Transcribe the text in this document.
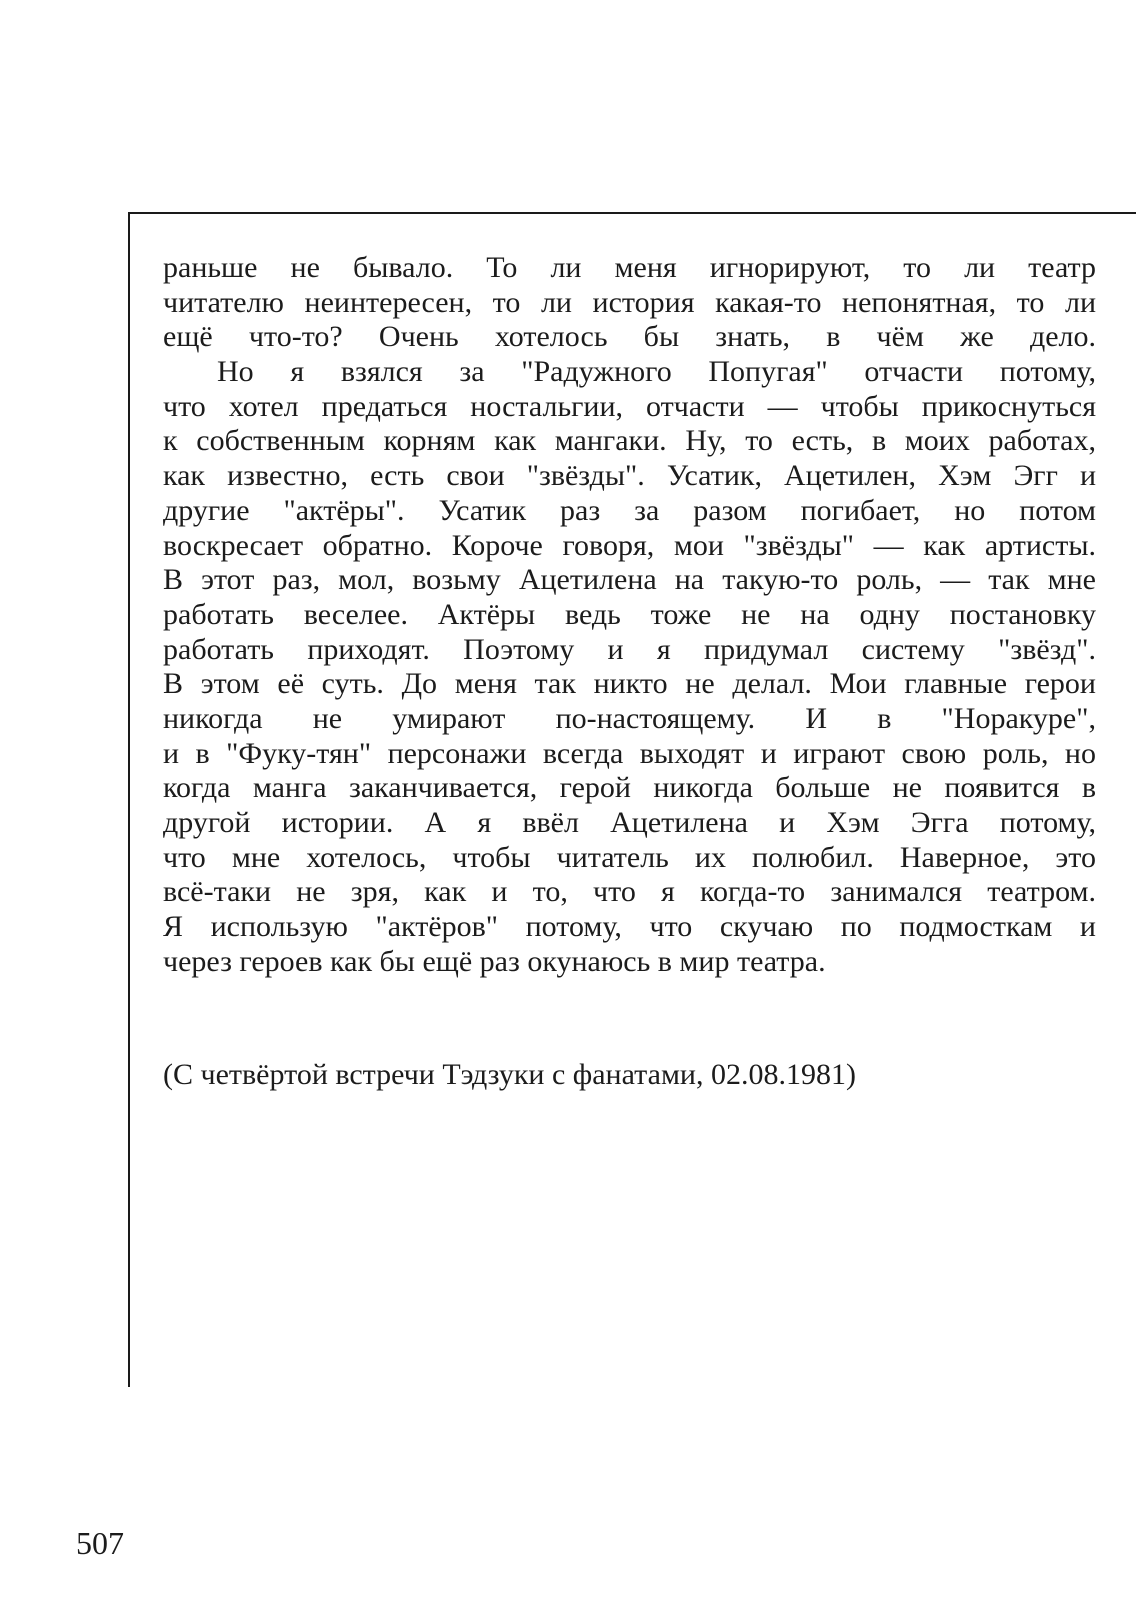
раньше не бывало. То ли меня игнорируют, то ли театр
читателю неинтересен, то ли история какая-то непонятная, то ли
ещё что-то? Очень хотелось бы знать, в чём же дело.
Но я взялся за "Радужного Попугая" отчасти потому,
что хотел предаться ностальгии, отчасти — чтобы прикоснуться
к собственным корням как мангаки. Ну, то есть, в моих работах,
как известно, есть свои "звёзды". Усатик, Ацетилен, Хэм Эгг и
другие "актёры". Усатик раз за разом погибает, но потом
воскресает обратно. Короче говоря, мои "звёзды" — как артисты.
В этот раз, мол, возьму Ацетилена на такую-то роль, — так мне
работать веселее. Актёры ведь тоже не на одну постановку
работать приходят. Поэтому и я придумал систему "звёзд".
В этом её суть. До меня так никто не делал. Мои главные герои
никогда не умирают по-настоящему. И в "Норакуре",
и в "Фуку-тян" персонажи всегда выходят и играют свою роль, но
когда манга заканчивается, герой никогда больше не появится в
другой истории. А я ввёл Ацетилена и Хэм Эгга потому,
что мне хотелось, чтобы читатель их полюбил. Наверное, это
всё-таки не зря, как и то, что я когда-то занимался театром.
Я использую "актёров" потому, что скучаю по подмосткам и
через героев как бы ещё раз окунаюсь в мир театра.
(С четвёртой встречи Тэдзуки с фанатами, 02.08.1981)
507
